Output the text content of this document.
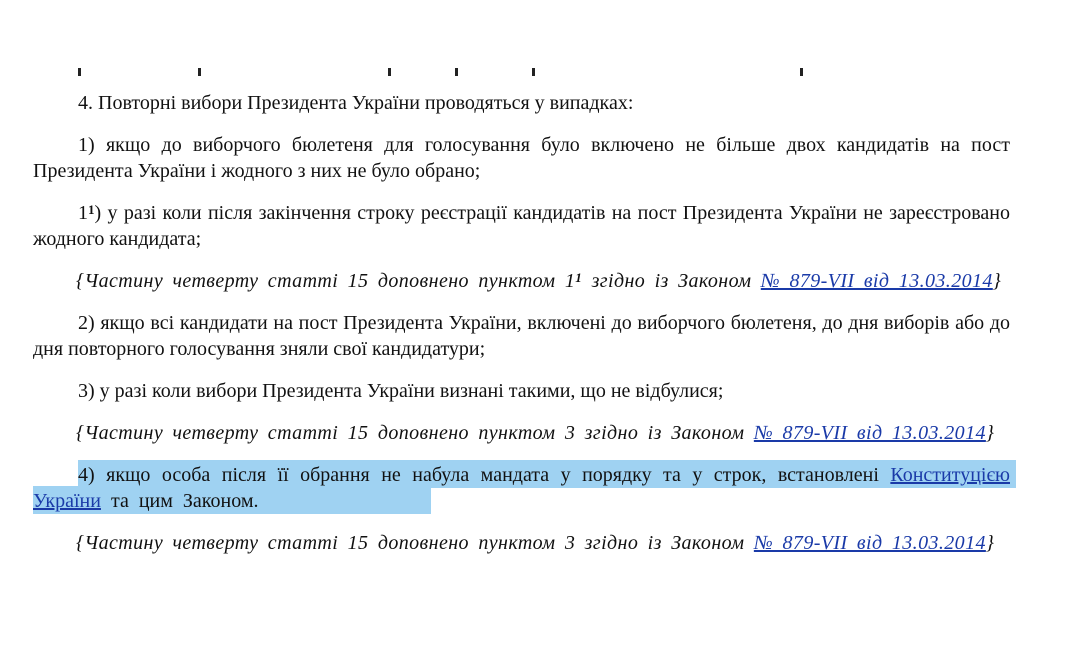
4. Повторні вибори Президента України проводяться у випадках:

1) якщо до виборчого бюлетеня для голосування було включено не більше двох кандидатів на пост Президента України і жодного з них не було обрано;

$1^1$) у разі коли після закінчення строку реєстрації кандидатів на пост Президента України не зареєстровано жодного кандидата;

{Частину четверту статті 15 доповнено пунктом $1^1$ згідно із Законом № 879-VII від 13.03.2014}

2) якщо всі кандидати на пост Президента України, включені до виборчого бюлетеня, до дня виборів або до дня повторного голосування зняли свої кандидатури;

3) у разі коли вибори Президента України визнані такими, що не відбулися;

{Частину четверту статті 15 доповнено пунктом 3 згідно із Законом № 879-VII від 13.03.2014}

4) якщо особа після її обрання не набула мандата у порядку та у строк, встановлені Конституцією України та цим Законом.

{Частину четверту статті 15 доповнено пунктом 3 згідно із Законом № 879-VII від 13.03.2014}
